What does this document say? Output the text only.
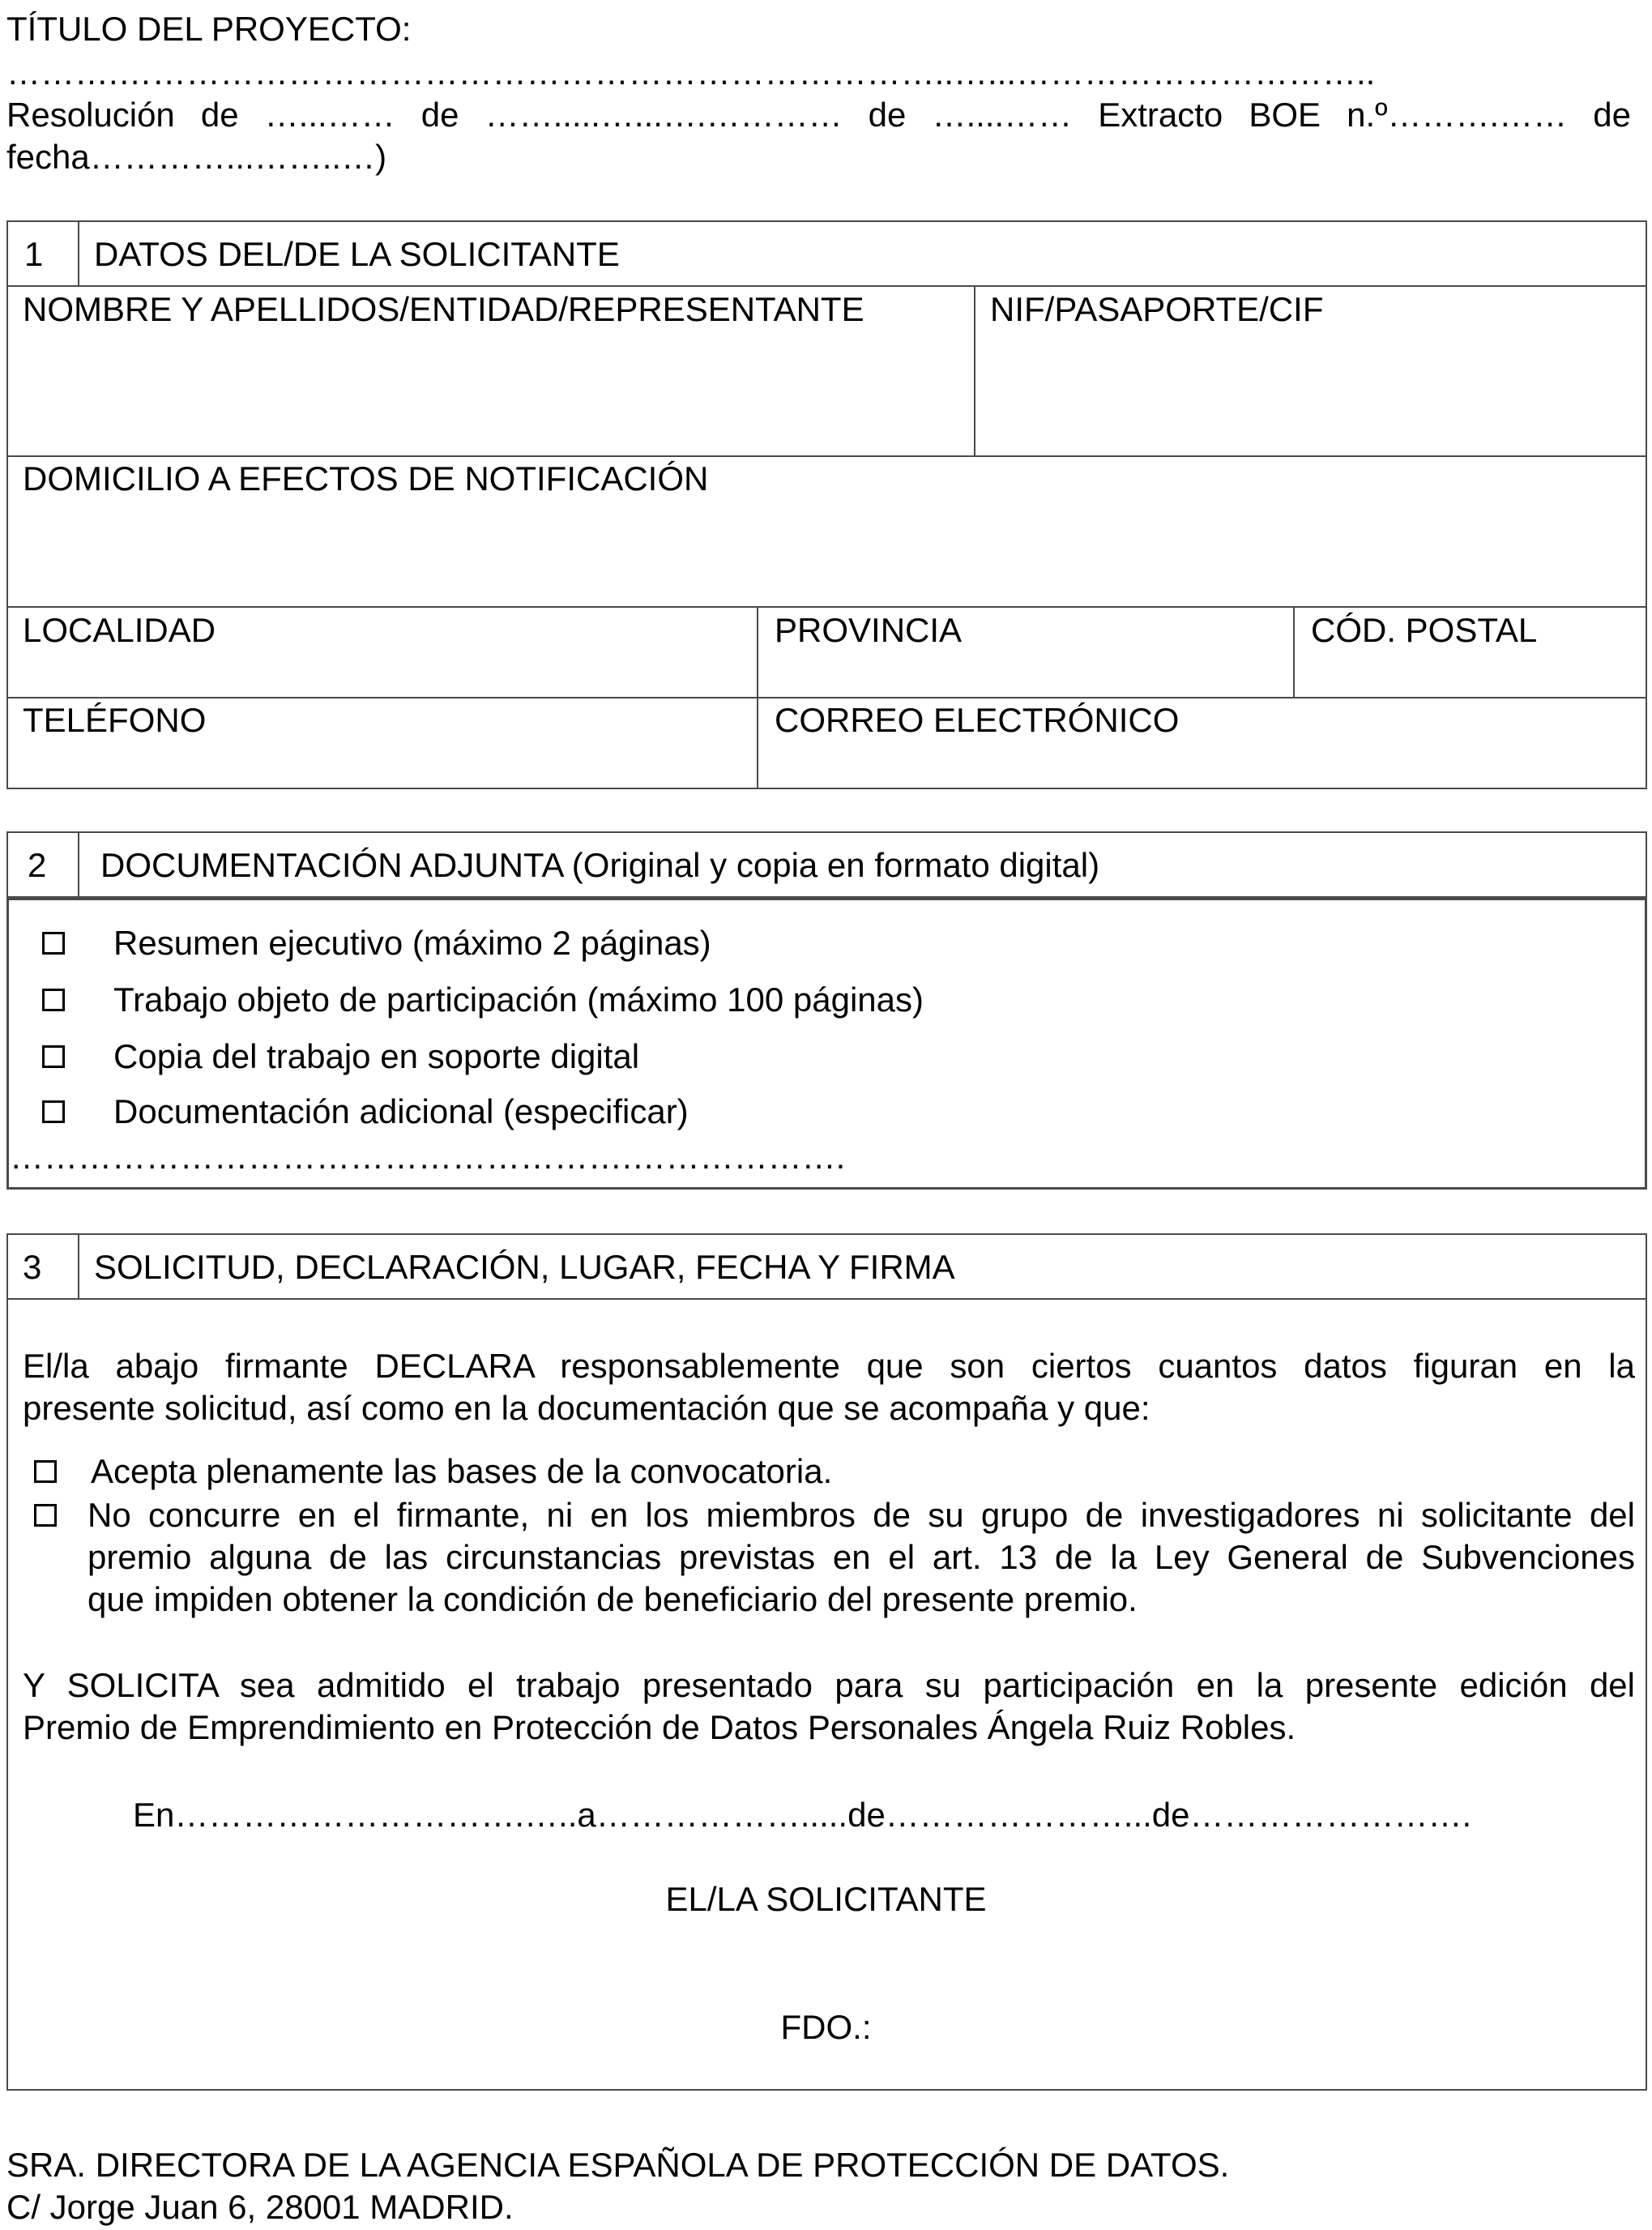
TÍTULO DEL PROYECTO:
……….………………………………………………………………..…...…………………………..
Resolución de …...…… de …….....…...….………… de …....…… Extracto BOE n.º……….…… de
fecha…………...……..…)
1 DATOS DEL/DE LA SOLICITANTE
NOMBRE Y APELLIDOS/ENTIDAD/REPRESENTANTE	NIF/PASAPORTE/CIF
DOMICILIO A EFECTOS DE NOTIFICACIÓN
LOCALIDAD	PROVINCIA	CÓD. POSTAL
TELÉFONO	CORREO ELECTRÓNICO
2 DOCUMENTACIÓN ADJUNTA (Original y copia en formato digital)
Resumen ejecutivo (máximo 2 páginas)
Trabajo objeto de participación (máximo 100 páginas)
Copia del trabajo en soporte digital
Documentación adicional (especificar)
……………………………………………….……………….
3 SOLICITUD, DECLARACIÓN, LUGAR, FECHA Y FIRMA
El/la abajo firmante DECLARA responsablemente que son ciertos cuantos datos figuran en la
presente solicitud, así como en la documentación que se acompaña y que:
Acepta plenamente las bases de la convocatoria.
No concurre en el firmante, ni en los miembros de su grupo de investigadores ni solicitante del
premio alguna de las circunstancias previstas en el art. 13 de la Ley General de Subvenciones
que impiden obtener la condición de beneficiario del presente premio.
Y SOLICITA sea admitido el trabajo presentado para su participación en la presente edición del
Premio de Emprendimiento en Protección de Datos Personales Ángela Ruiz Robles.
En………………………….…..a……………….....de…………………...de…………………….
EL/LA SOLICITANTE
FDO.:
SRA. DIRECTORA DE LA AGENCIA ESPAÑOLA DE PROTECCIÓN DE DATOS.
C/ Jorge Juan 6, 28001 MADRID.
